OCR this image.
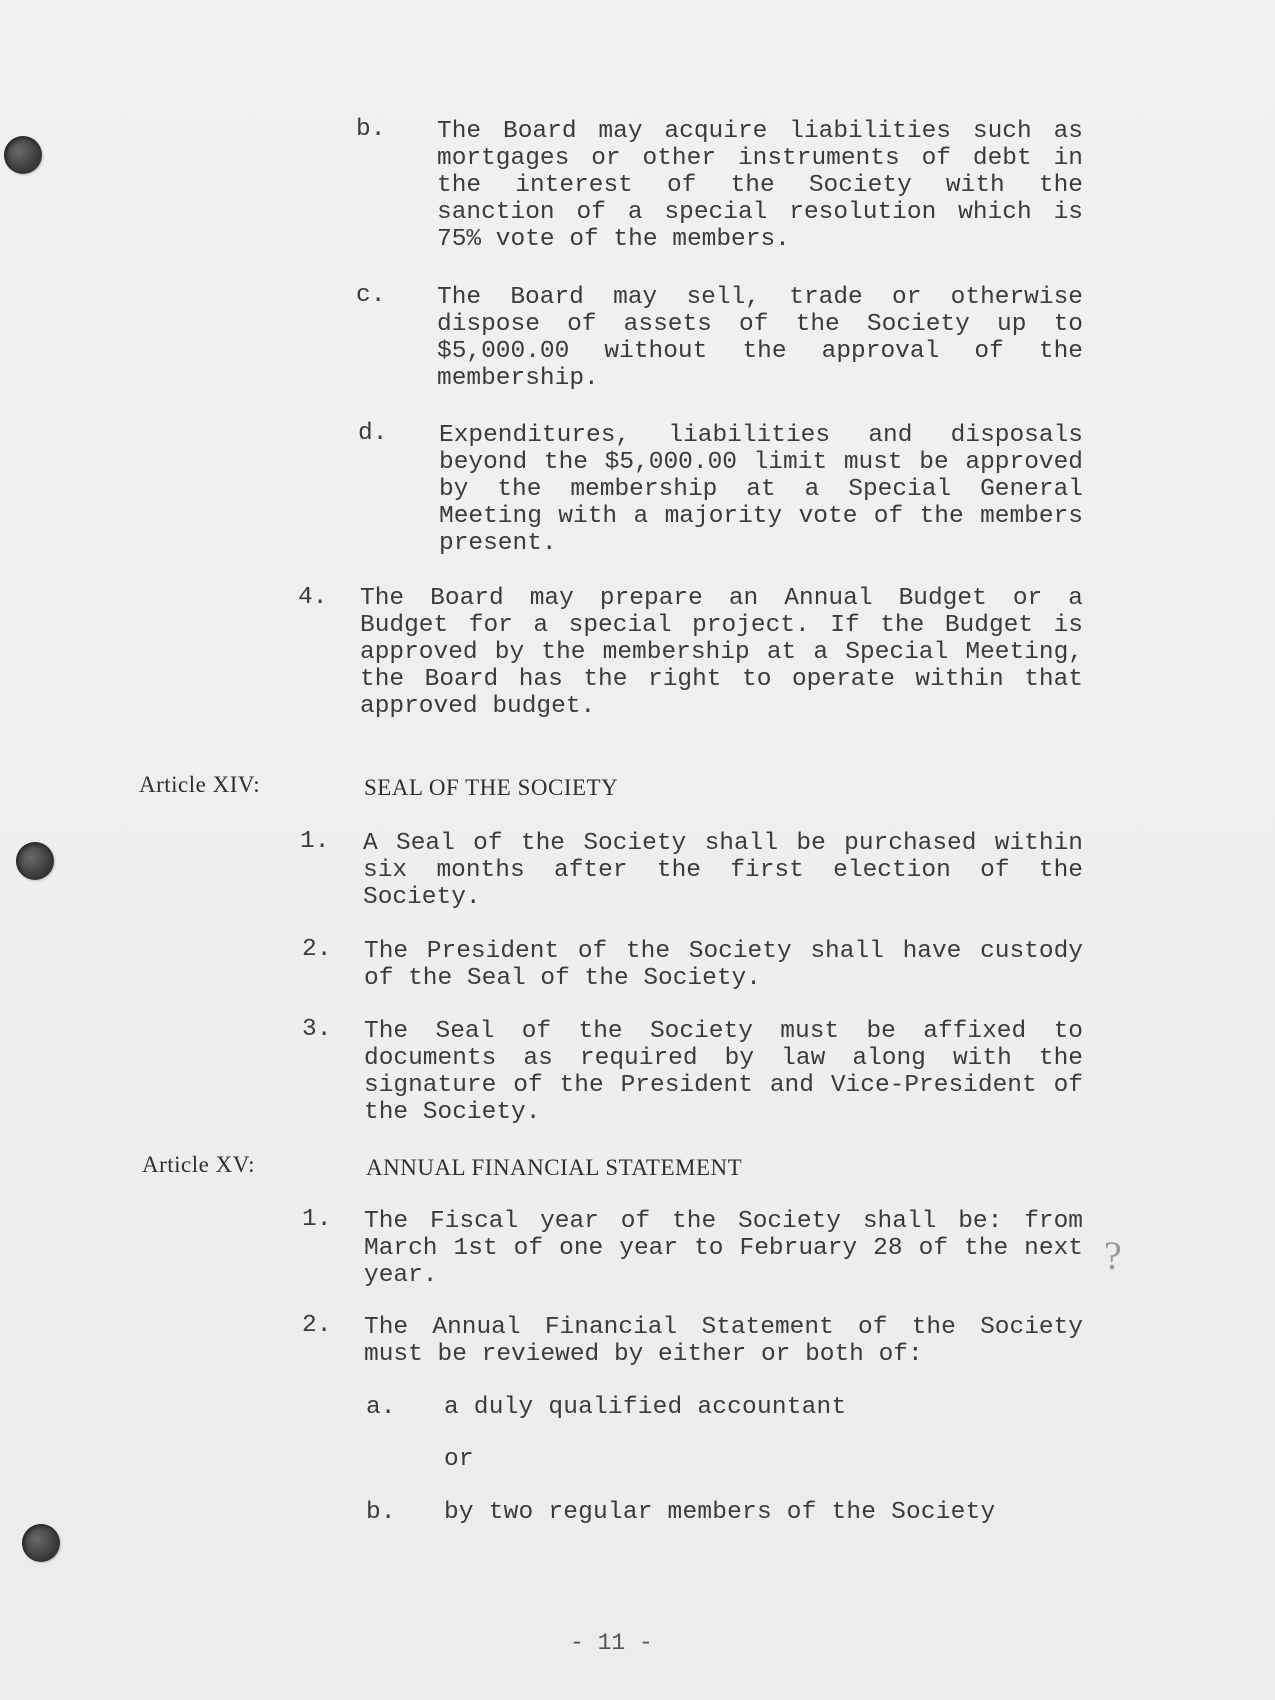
b. The Board may acquire liabilities such as mortgages or other instruments of debt in the interest of the Society with the sanction of a special resolution which is 75% vote of the members.
c. The Board may sell, trade or otherwise dispose of assets of the Society up to $5,000.00 without the approval of the membership.
d. Expenditures, liabilities and disposals beyond the $5,000.00 limit must be approved by the membership at a Special General Meeting with a majority vote of the members present.
4. The Board may prepare an Annual Budget or a Budget for a special project. If the Budget is approved by the membership at a Special Meeting, the Board has the right to operate within that approved budget.
Article XIV:	SEAL OF THE SOCIETY
1. A Seal of the Society shall be purchased within six months after the first election of the Society.
2. The President of the Society shall have custody of the Seal of the Society.
3. The Seal of the Society must be affixed to documents as required by law along with the signature of the President and Vice-President of the Society.
Article XV:	ANNUAL FINANCIAL STATEMENT
1. The Fiscal year of the Society shall be: from March 1st of one year to February 28 of the next year.
2. The Annual Financial Statement of the Society must be reviewed by either or both of:
a. a duly qualified accountant
or
b. by two regular members of the Society
?
- 11 -
